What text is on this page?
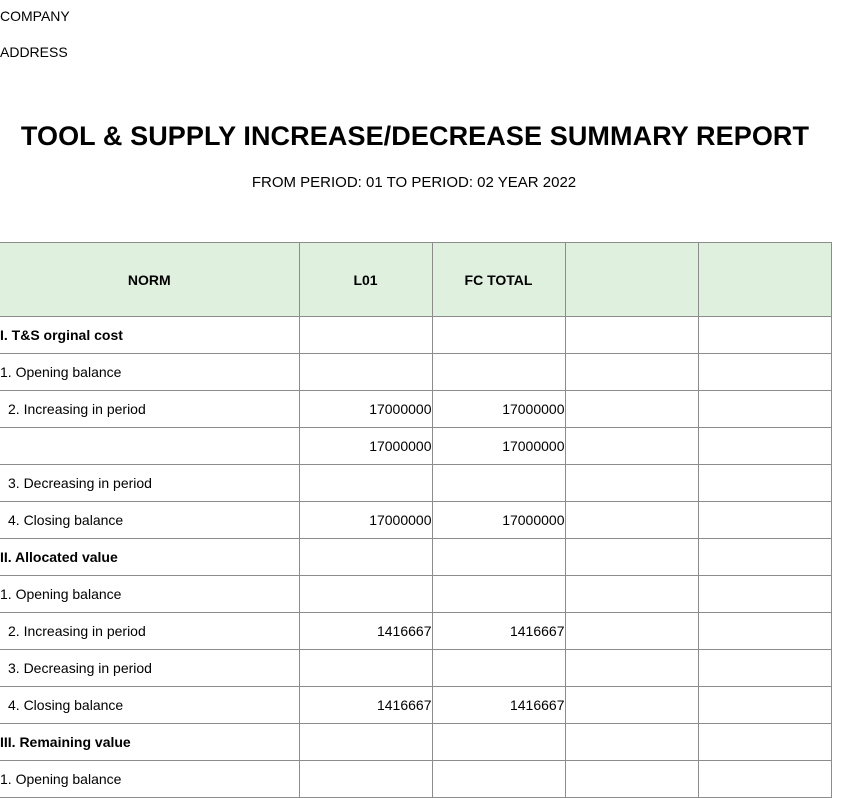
COMPANY
ADDRESS
TOOL & SUPPLY INCREASE/DECREASE SUMMARY REPORT
FROM PERIOD: 01 TO PERIOD: 02 YEAR 2022
NORM	L01	FC TOTAL		
I. T&S orginal cost				
1. Opening balance				
2. Increasing in period	17000000	17000000		
	17000000	17000000		
3. Decreasing in period				
4. Closing balance	17000000	17000000		
II. Allocated value				
1. Opening balance				
2. Increasing in period	1416667	1416667		
3. Decreasing in period				
4. Closing balance	1416667	1416667		
III. Remaining value				
1. Opening balance				
